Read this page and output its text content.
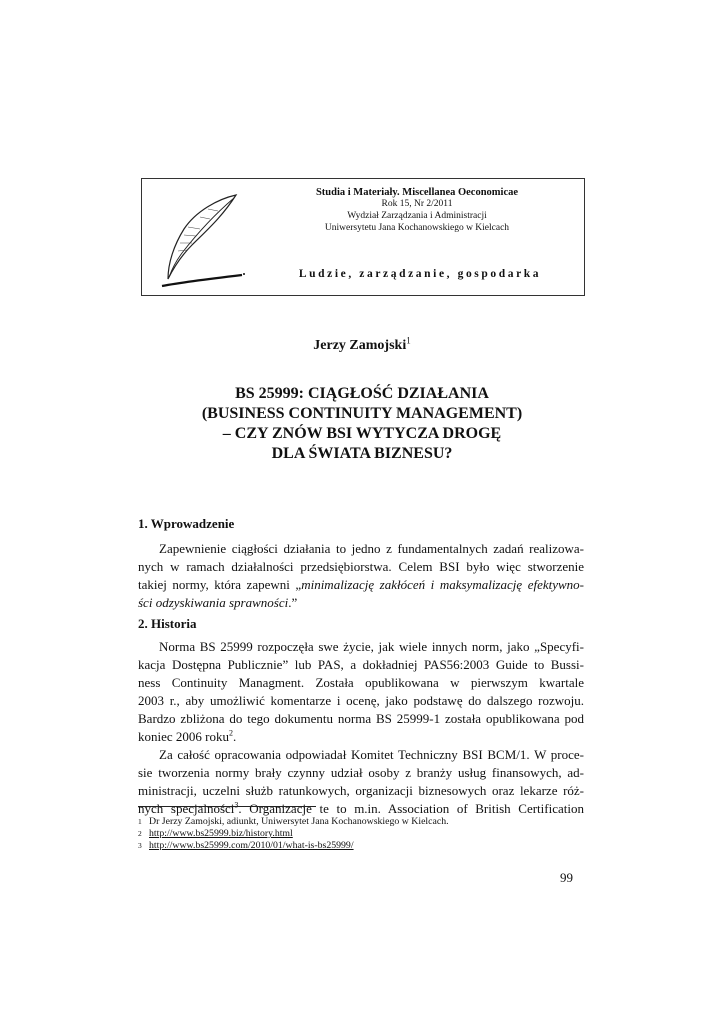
Studia i Materiały. Miscellanea Oeconomicae
Rok 15, Nr 2/2011
Wydział Zarządzania i Administracji
Uniwersytetu Jana Kochanowskiego w Kielcach
Ludzie, zarządzanie, gospodarka
Jerzy Zamojski$^1$
BS 25999: CIĄGŁOŚĆ DZIAŁANIA
(BUSINESS CONTINUITY MANAGEMENT)
– CZY ZNÓW BSI WYTYCZA DROGĘ
DLA ŚWIATA BIZNESU?
1. Wprowadzenie
Zapewnienie ciągłości działania to jedno z fundamentalnych zadań realizowa-
nych w ramach działalności przedsiębiorstwa. Celem BSI było więc stworzenie
takiej normy, która zapewni „minimalizację zakłóceń i maksymalizację efektywno-
ści odzyskiwania sprawności.”
2. Historia
Norma BS 25999 rozpoczęła swe życie, jak wiele innych norm, jako „Specyfi-
kacja Dostępna Publicznie” lub PAS, a dokładniej PAS56:2003 Guide to Bussi-
ness Continuity Managment. Została opublikowana w pierwszym kwartale
2003 r., aby umożliwić komentarze i ocenę, jako podstawę do dalszego rozwoju.
Bardzo zbliżona do tego dokumentu norma BS 25999-1 została opublikowana pod
koniec 2006 roku$^2$.
Za całość opracowania odpowiadał Komitet Techniczny BSI BCM/1. W proce-
sie tworzenia normy brały czynny udział osoby z branży usług finansowych, ad-
ministracji, uczelni służb ratunkowych, organizacji biznesowych oraz lekarze róż-
nych specjalności$^3$. Organizacje te to m.in. Association of British Certification
1 Dr Jerzy Zamojski, adiunkt, Uniwersytet Jana Kochanowskiego w Kielcach.
2 http://www.bs25999.biz/history.html
3 http://www.bs25999.com/2010/01/what-is-bs25999/
99
